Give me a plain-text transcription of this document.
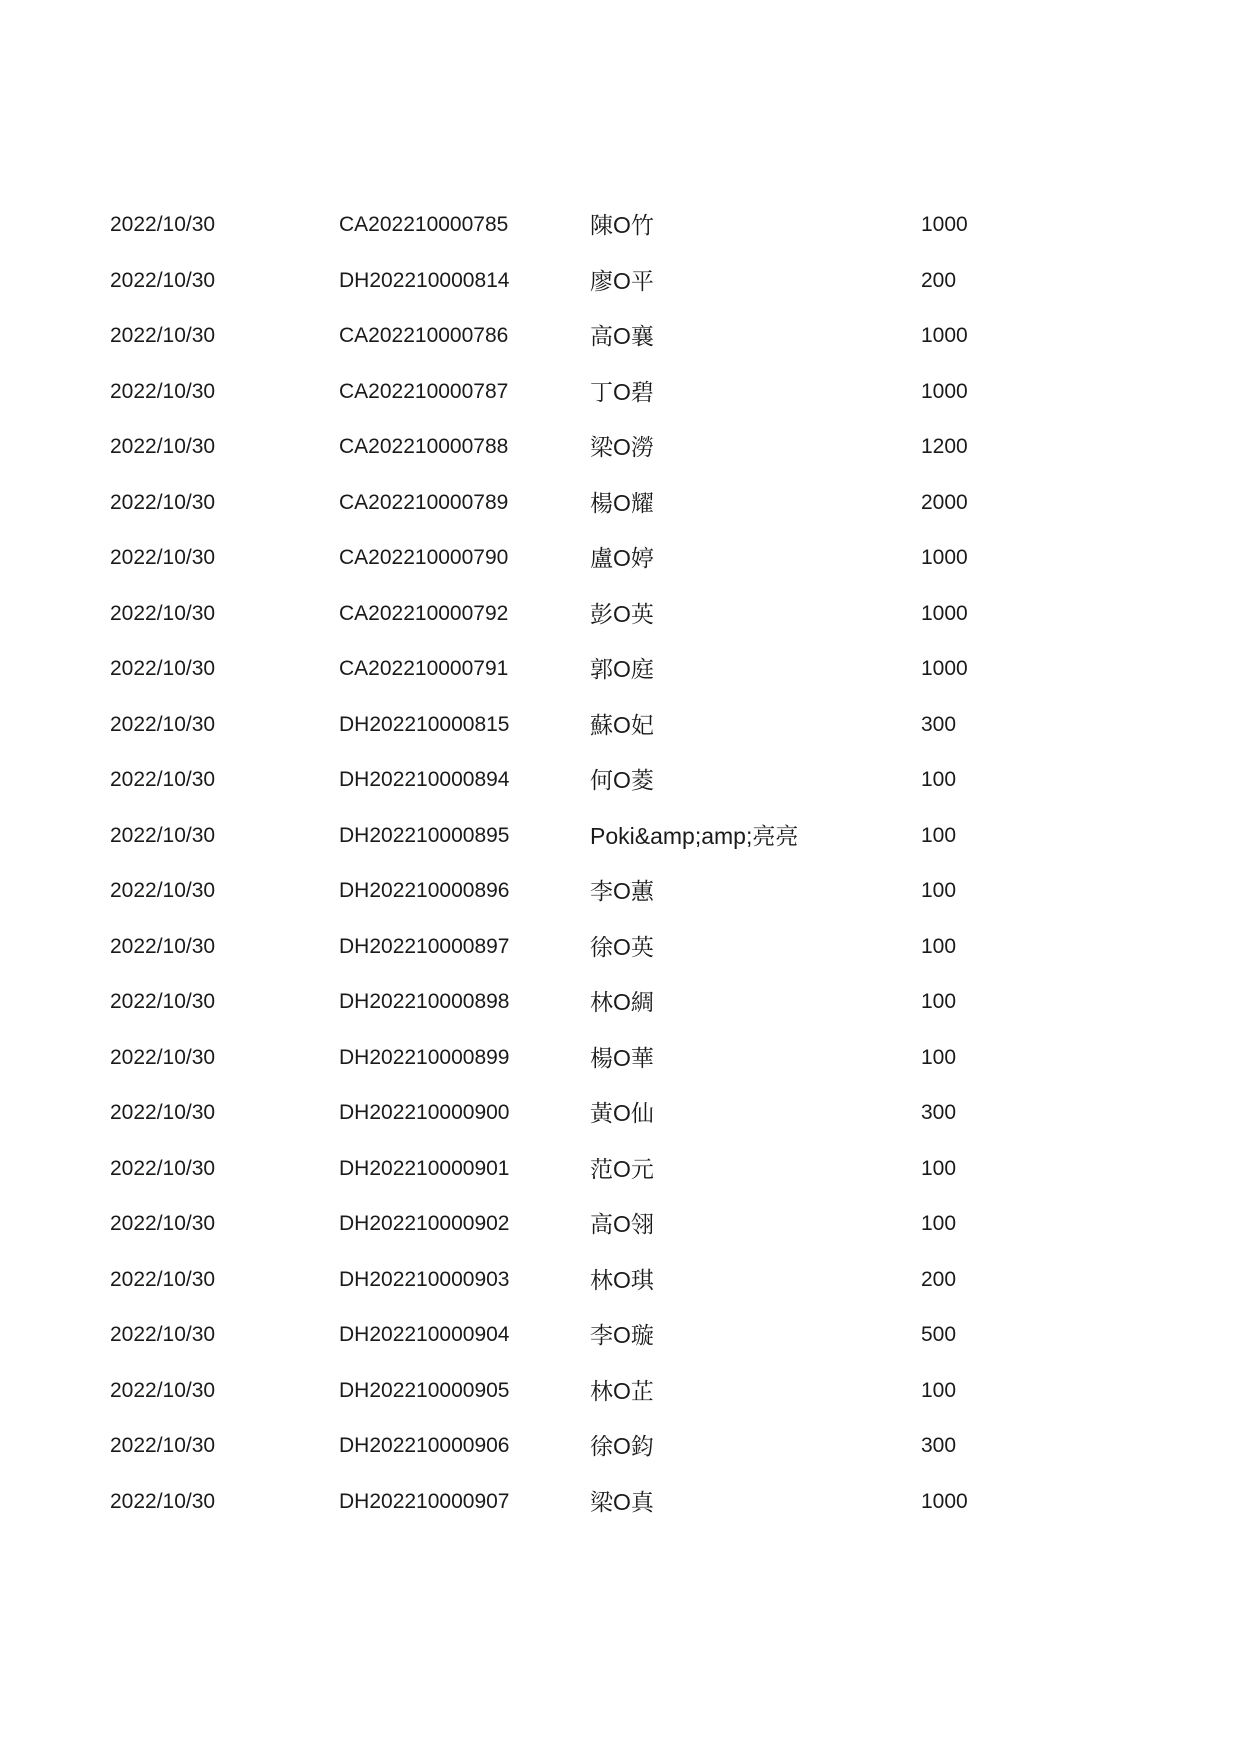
2022/10/30	CA202210000785	陳O竹	1000
2022/10/30	DH202210000814	廖O平	200
2022/10/30	CA202210000786	高O襄	1000
2022/10/30	CA202210000787	丁O碧	1000
2022/10/30	CA202210000788	梁O澇	1200
2022/10/30	CA202210000789	楊O耀	2000
2022/10/30	CA202210000790	盧O婷	1000
2022/10/30	CA202210000792	彭O英	1000
2022/10/30	CA202210000791	郭O庭	1000
2022/10/30	DH202210000815	蘇O妃	300
2022/10/30	DH202210000894	何O菱	100
2022/10/30	DH202210000895	Poki&amp;amp;亮亮	100
2022/10/30	DH202210000896	李O蕙	100
2022/10/30	DH202210000897	徐O英	100
2022/10/30	DH202210000898	林O綢	100
2022/10/30	DH202210000899	楊O華	100
2022/10/30	DH202210000900	黃O仙	300
2022/10/30	DH202210000901	范O元	100
2022/10/30	DH202210000902	高O翎	100
2022/10/30	DH202210000903	林O琪	200
2022/10/30	DH202210000904	李O璇	500
2022/10/30	DH202210000905	林O芷	100
2022/10/30	DH202210000906	徐O鈞	300
2022/10/30	DH202210000907	梁O真	1000
